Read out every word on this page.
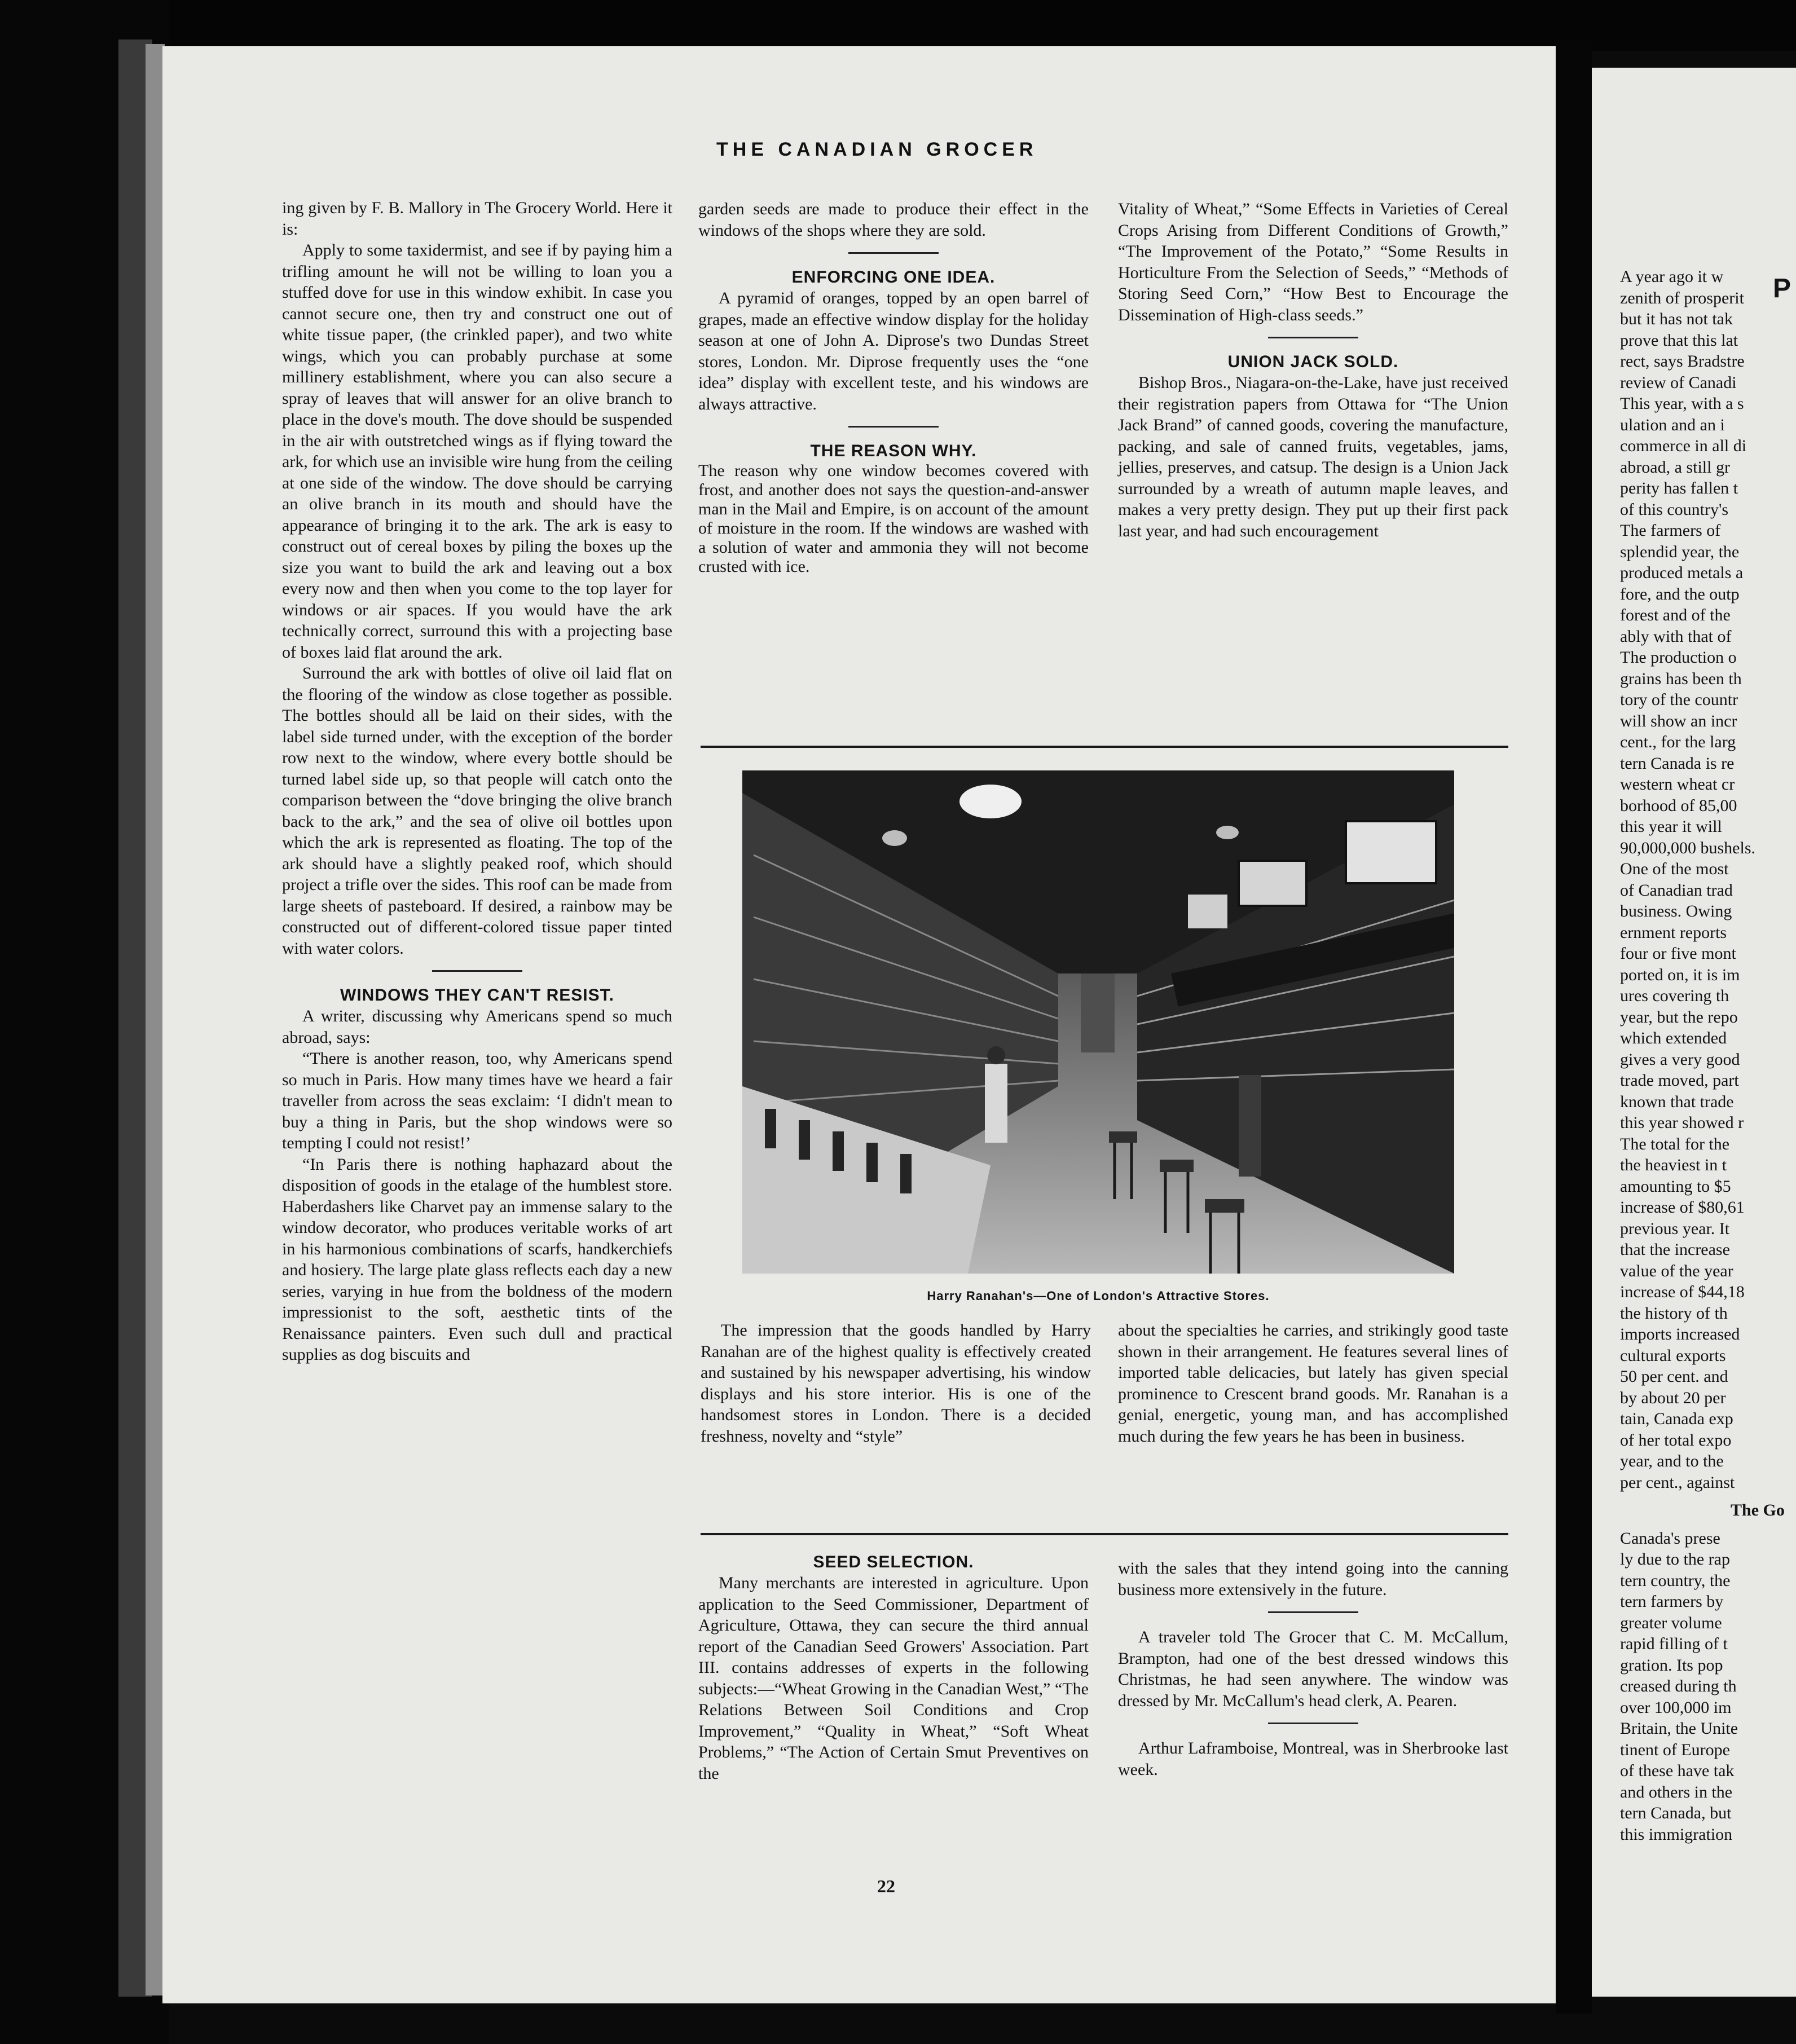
THE CANADIAN GROCER

ing given by F. B. Mallory in The Grocery World. Here it is:

Apply to some taxidermist, and see if by paying him a trifling amount he will not be willing to loan you a stuffed dove for use in this window exhibit. In case you cannot secure one, then try and construct one out of white tissue paper, (the crinkled paper), and two white wings, which you can probably purchase at some millinery establishment, where you can also secure a spray of leaves that will answer for an olive branch to place in the dove's mouth. The dove should be suspended in the air with outstretched wings as if flying toward the ark, for which use an invisible wire hung from the ceiling at one side of the window. The dove should be carrying an olive branch in its mouth and should have the appearance of bringing it to the ark. The ark is easy to construct out of cereal boxes by piling the boxes up the size you want to build the ark and leaving out a box every now and then when you come to the top layer for windows or air spaces. If you would have the ark technically correct, surround this with a projecting base of boxes laid flat around the ark.

Surround the ark with bottles of olive oil laid flat on the flooring of the window as close together as possible. The bottles should all be laid on their sides, with the label side turned under, with the exception of the border row next to the window, where every bottle should be turned label side up, so that people will catch onto the comparison between the “dove bringing the olive branch back to the ark,” and the sea of olive oil bottles upon which the ark is represented as floating. The top of the ark should have a slightly peaked roof, which should project a trifle over the sides. This roof can be made from large sheets of pasteboard. If desired, a rainbow may be constructed out of different-colored tissue paper tinted with water colors.

WINDOWS THEY CAN'T RESIST.

A writer, discussing why Americans spend so much abroad, says:

“There is another reason, too, why Americans spend so much in Paris. How many times have we heard a fair traveller from across the seas exclaim: ‘I didn't mean to buy a thing in Paris, but the shop windows were so tempting I could not resist!’

“In Paris there is nothing haphazard about the disposition of goods in the etalage of the humblest store. Haberdashers like Charvet pay an immense salary to the window decorator, who produces veritable works of art in his harmonious combinations of scarfs, handkerchiefs and hosiery. The large plate glass reflects each day a new series, varying in hue from the boldness of the modern impressionist to the soft, aesthetic tints of the Renaissance painters. Even such dull and practical supplies as dog biscuits and

garden seeds are made to produce their effect in the windows of the shops where they are sold.

ENFORCING ONE IDEA.

A pyramid of oranges, topped by an open barrel of grapes, made an effective window display for the holiday season at one of John A. Diprose's two Dundas Street stores, London. Mr. Diprose frequently uses the “one idea” display with excellent teste, and his windows are always attractive.

THE REASON WHY.

The reason why one window becomes covered with frost, and another does not says the question-and-answer man in the Mail and Empire, is on account of the amount of moisture in the room. If the windows are washed with a solution of water and ammonia they will not become crusted with ice.

Vitality of Wheat,” “Some Effects in Varieties of Cereal Crops Arising from Different Conditions of Growth,” “The Improvement of the Potato,” “Some Results in Horticulture From the Selection of Seeds,” “Methods of Storing Seed Corn,” “How Best to Encourage the Dissemination of High-class seeds.”

UNION JACK SOLD.

Bishop Bros., Niagara-on-the-Lake, have just received their registration papers from Ottawa for “The Union Jack Brand” of canned goods, covering the manufacture, packing, and sale of canned fruits, vegetables, jams, jellies, preserves, and catsup. The design is a Union Jack surrounded by a wreath of autumn maple leaves, and makes a very pretty design. They put up their first pack last year, and had such encouragement

Harry Ranahan's—One of London's Attractive Stores.

The impression that the goods handled by Harry Ranahan are of the highest quality is effectively created and sustained by his newspaper advertising, his window displays and his store interior. His is one of the handsomest stores in London. There is a decided freshness, novelty and “style”

about the specialties he carries, and strikingly good taste shown in their arrangement. He features several lines of imported table delicacies, but lately has given special prominence to Crescent brand goods. Mr. Ranahan is a genial, energetic, young man, and has accomplished much during the few years he has been in business.

SEED SELECTION.

Many merchants are interested in agriculture. Upon application to the Seed Commissioner, Department of Agriculture, Ottawa, they can secure the third annual report of the Canadian Seed Growers' Association. Part III. contains addresses of experts in the following subjects:—“Wheat Growing in the Canadian West,” “The Relations Between Soil Conditions and Crop Improvement,” “Quality in Wheat,” “Soft Wheat Problems,” “The Action of Certain Smut Preventives on the

with the sales that they intend going into the canning business more extensively in the future.

A traveler told The Grocer that C. M. McCallum, Brampton, had one of the best dressed windows this Christmas, he had seen anywhere. The window was dressed by Mr. McCallum's head clerk, A. Pearen.

Arthur Laframboise, Montreal, was in Sherbrooke last week.

22
P
A year ago it w
zenith of prosperit
but it has not tak
prove that this lat
rect, says Bradstre
review of Canadi
This year, with a s
ulation and an i
commerce in all di
abroad, a still gr
perity has fallen t
of this country's
The farmers of
splendid year, the
produced metals a
fore, and the outp
forest and of the
ably with that of
The production o
grains has been th
tory of the countr
will show an incr
cent., for the larg
tern Canada is re
western wheat cr
borhood of 85,00
this year it will
90,000,000 bushels.
One of the most
of Canadian trad
business. Owing
ernment reports
four or five mont
ported on, it is im
ures covering th
year, but the repo
which extended
gives a very good
trade moved, part
known that trade
this year showed r
The total for the
the heaviest in t
amounting to $5
increase of $80,61
previous year. It
that the increase
value of the year
increase of $44,18
the history of th
imports increased
cultural exports
50 per cent. and
by about 20 per
tain, Canada exp
of her total expo
year, and to the
per cent., against
The Go
Canada's prese
ly due to the rap
tern country, the
tern farmers by
greater volume
rapid filling of t
gration. Its pop
creased during th
over 100,000 im
Britain, the Unite
tinent of Europe
of these have tak
and others in the
tern Canada, but
this immigration
